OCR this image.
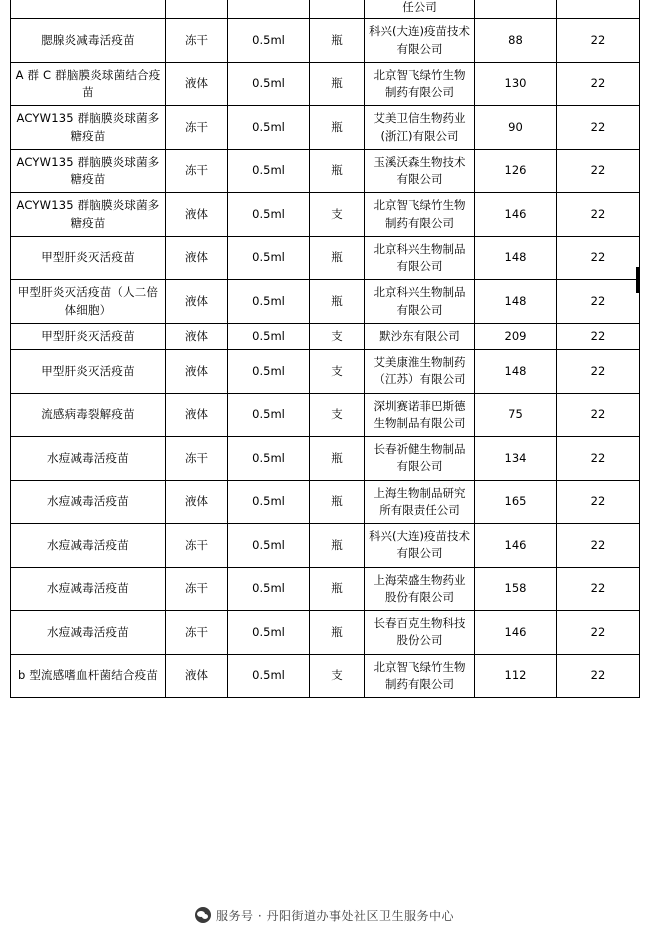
				任公司		
腮腺炎减毒活疫苗	冻干	0.5ml	瓶	科兴(大连)疫苗技术有限公司	88	22
A 群 C 群脑膜炎球菌结合疫苗	液体	0.5ml	瓶	北京智飞绿竹生物制药有限公司	130	22
ACYW135 群脑膜炎球菌多糖疫苗	冻干	0.5ml	瓶	艾美卫信生物药业(浙江)有限公司	90	22
ACYW135 群脑膜炎球菌多糖疫苗	冻干	0.5ml	瓶	玉溪沃森生物技术有限公司	126	22
ACYW135 群脑膜炎球菌多糖疫苗	液体	0.5ml	支	北京智飞绿竹生物制药有限公司	146	22
甲型肝炎灭活疫苗	液体	0.5ml	瓶	北京科兴生物制品有限公司	148	22
甲型肝炎灭活疫苗（人二倍体细胞）	液体	0.5ml	瓶	北京科兴生物制品有限公司	148	22
甲型肝炎灭活疫苗	液体	0.5ml	支	默沙东有限公司	209	22
甲型肝炎灭活疫苗	液体	0.5ml	支	艾美康淮生物制药（江苏）有限公司	148	22
流感病毒裂解疫苗	液体	0.5ml	支	深圳赛诺菲巴斯德生物制品有限公司	75	22
水痘减毒活疫苗	冻干	0.5ml	瓶	长春祈健生物制品有限公司	134	22
水痘减毒活疫苗	液体	0.5ml	瓶	上海生物制品研究所有限责任公司	165	22
水痘减毒活疫苗	冻干	0.5ml	瓶	科兴(大连)疫苗技术有限公司	146	22
水痘减毒活疫苗	冻干	0.5ml	瓶	上海荣盛生物药业股份有限公司	158	22
水痘减毒活疫苗	冻干	0.5ml	瓶	长春百克生物科技股份公司	146	22
b 型流感嗜血杆菌结合疫苗	液体	0.5ml	支	北京智飞绿竹生物制药有限公司	112	22
服务号 · 丹阳街道办事处社区卫生服务中心
